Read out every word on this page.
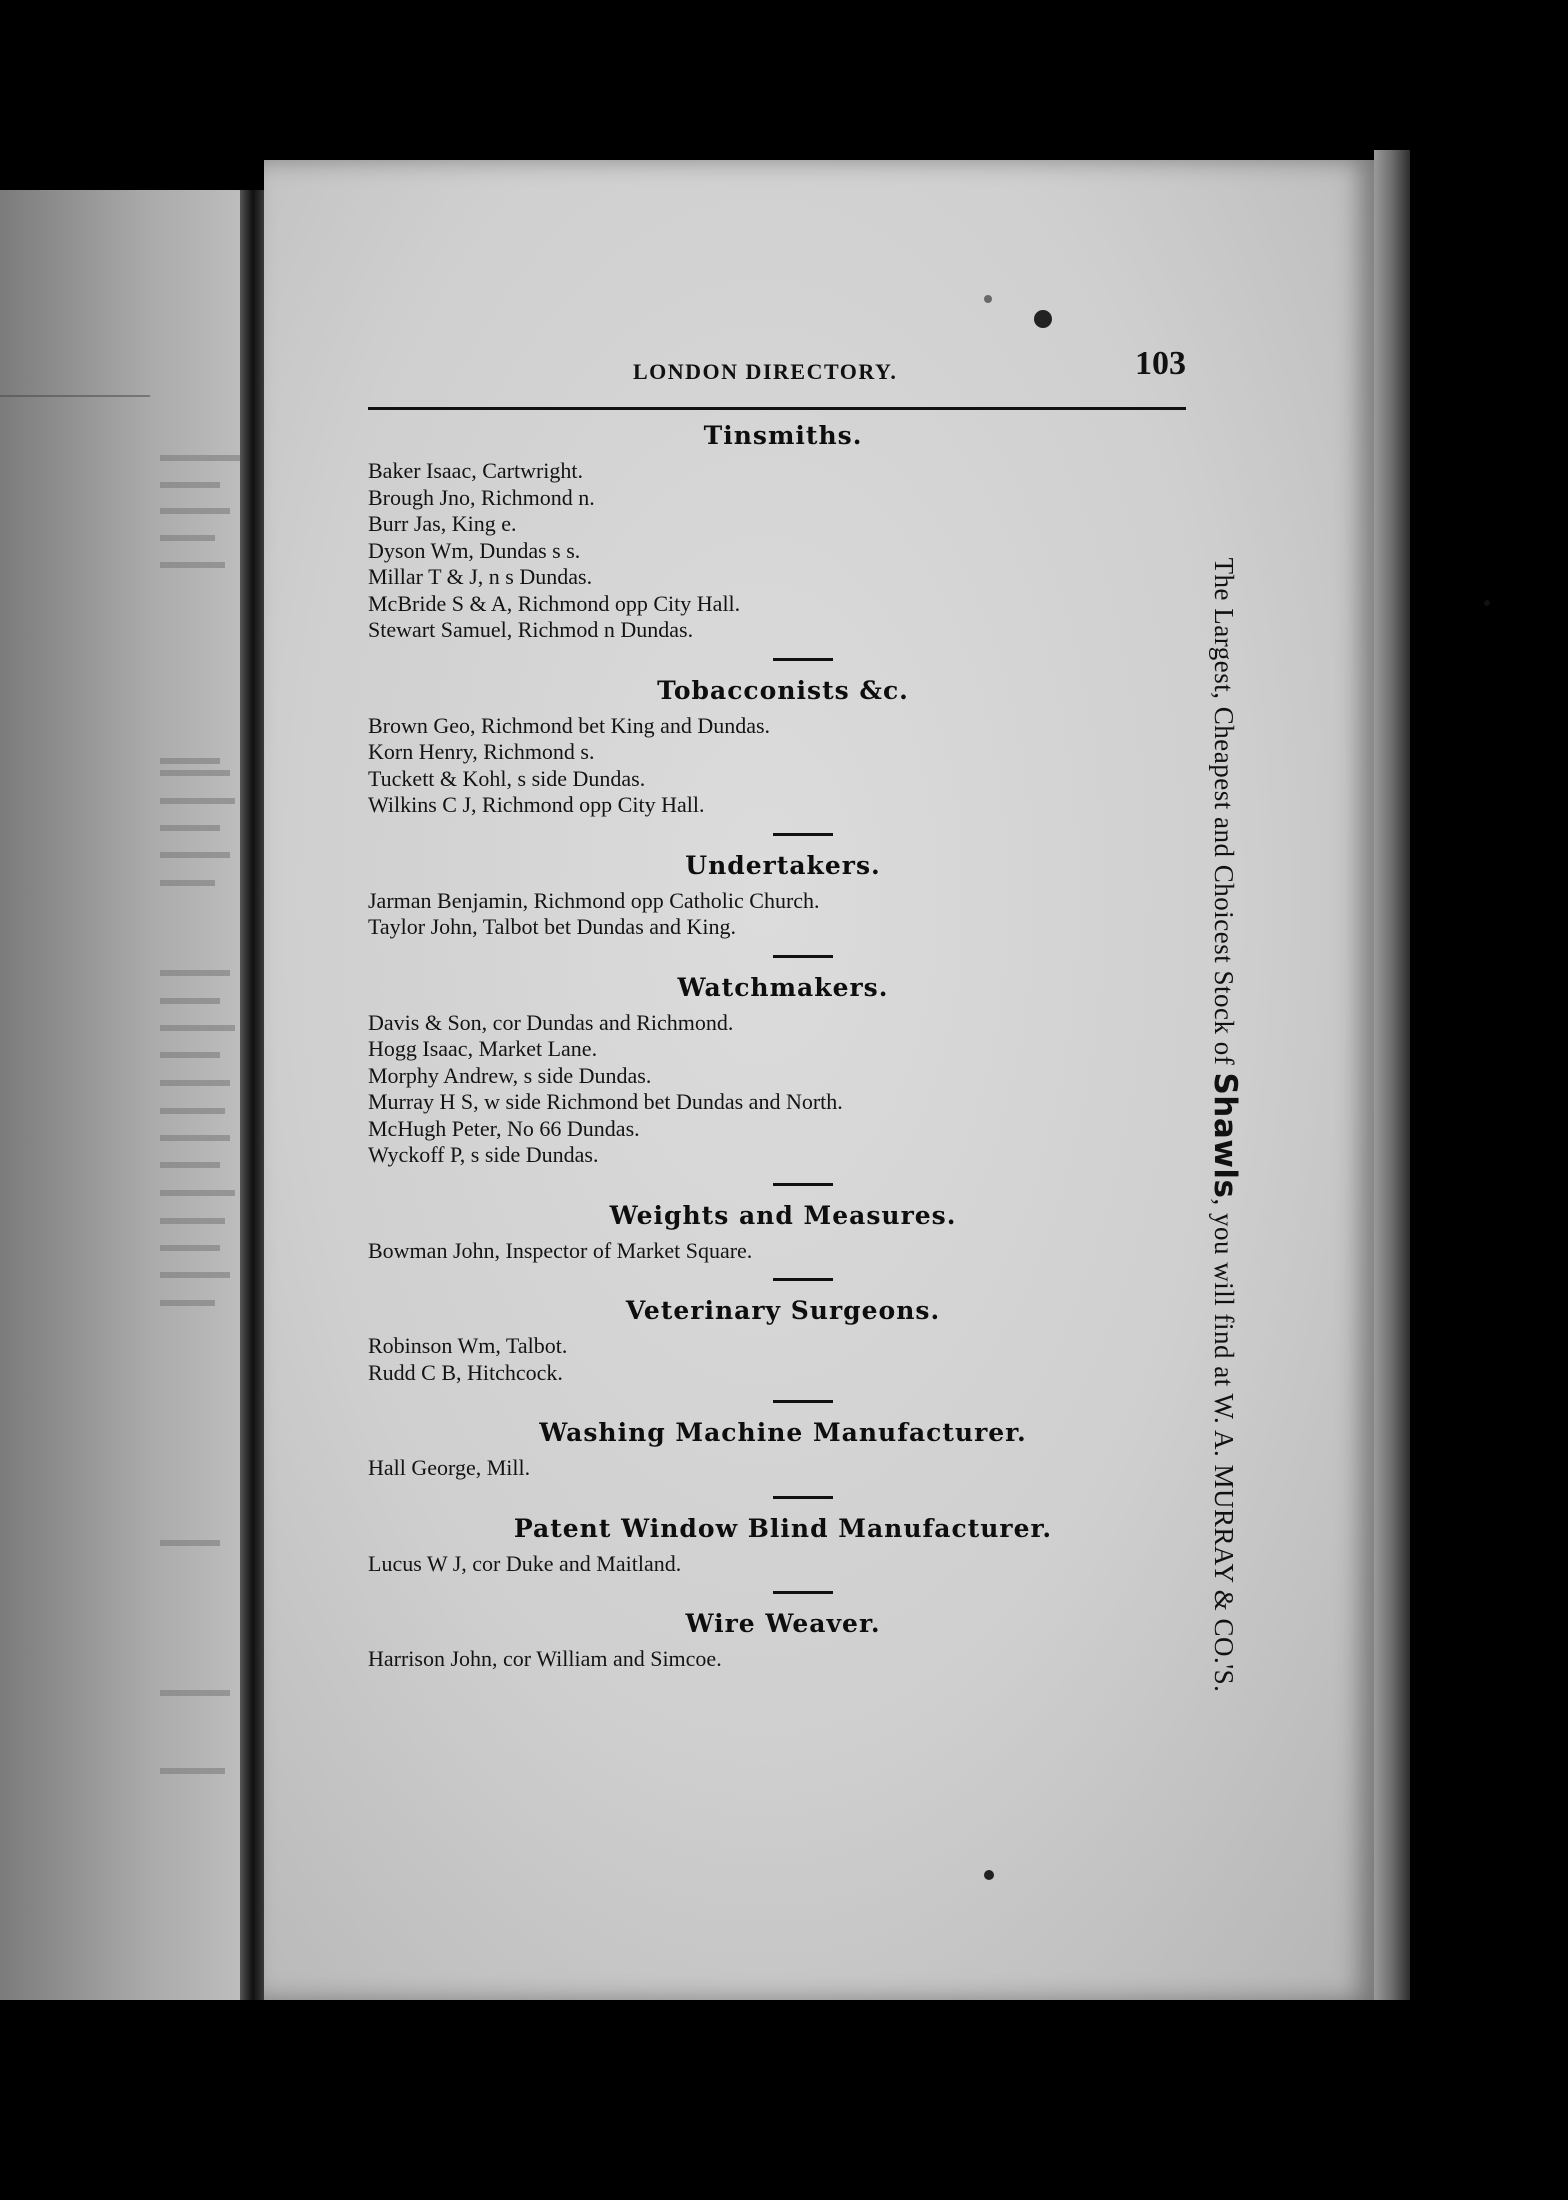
LONDON DIRECTORY.	103
Tinsmiths.
Baker Isaac, Cartwright.
Brough Jno, Richmond n.
Burr Jas, King e.
Dyson Wm, Dundas s s.
Millar T & J, n s Dundas.
McBride S & A, Richmond opp City Hall.
Stewart Samuel, Richmod n Dundas.
Tobacconists &c.
Brown Geo, Richmond bet King and Dundas.
Korn Henry, Richmond s.
Tuckett & Kohl, s side Dundas.
Wilkins C J, Richmond opp City Hall.
Undertakers.
Jarman Benjamin, Richmond opp Catholic Church.
Taylor John, Talbot bet Dundas and King.
Watchmakers.
Davis & Son, cor Dundas and Richmond.
Hogg Isaac, Market Lane.
Morphy Andrew, s side Dundas.
Murray H S, w side Richmond bet Dundas and North.
McHugh Peter, No 66 Dundas.
Wyckoff P, s side Dundas.
Weights and Measures.
Bowman John, Inspector of Market Square.
Veterinary Surgeons.
Robinson Wm, Talbot.
Rudd C B, Hitchcock.
Washing Machine Manufacturer.
Hall George, Mill.
Patent Window Blind Manufacturer.
Lucus W J, cor Duke and Maitland.
Wire Weaver.
Harrison John, cor William and Simcoe.
The Largest, Cheapest and Choicest Stock of Shawls, you will find at W. A. MURRAY & CO.'S.
